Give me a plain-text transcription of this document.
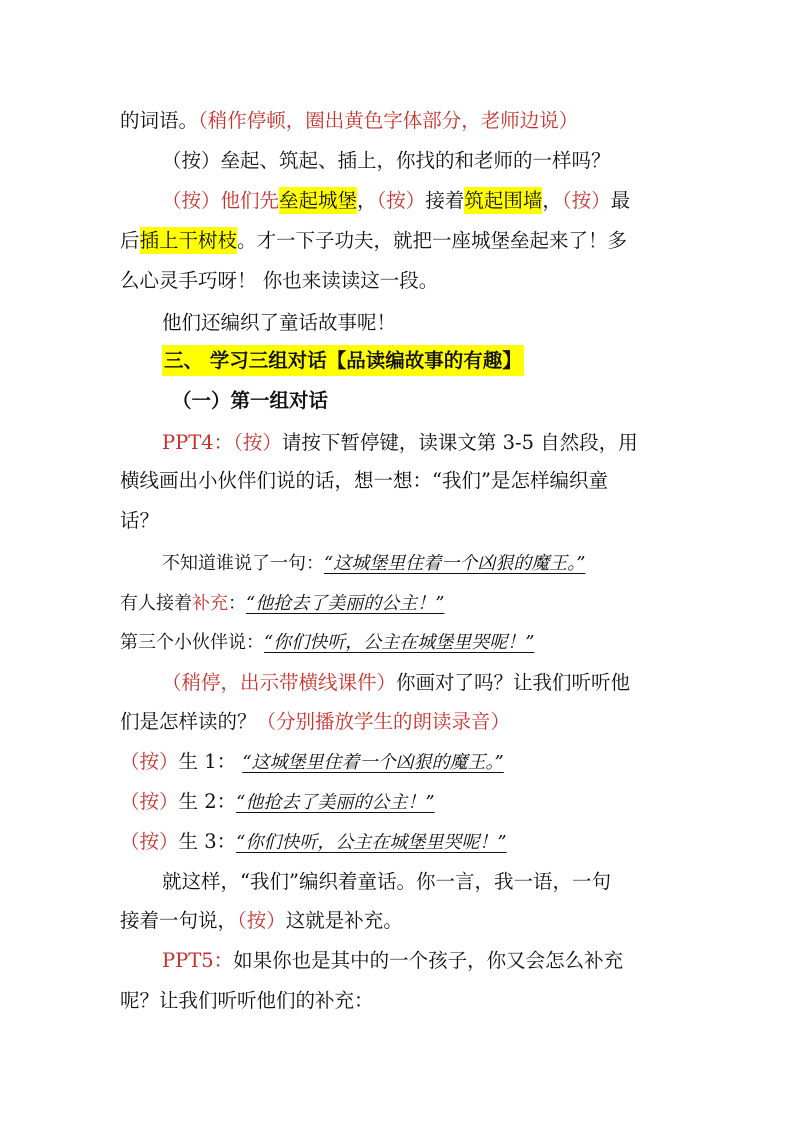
的词语。（稍作停顿，圈出黄色字体部分，老师边说）
（按）垒起、筑起、插上，你找的和老师的一样吗？
（按）他们先垒起城堡，（按）接着筑起围墙，（按）最
后插上干树枝。才一下子功夫，就把一座城堡垒起来了！多
么心灵手巧呀！ 你也来读读这一段。
他们还编织了童话故事呢！
三、 学习三组对话【品读编故事的有趣】
（一）第一组对话
PPT4：（按）请按下暂停键，读课文第 3-5 自然段，用
横线画出小伙伴们说的话，想一想：“我们”是怎样编织童
话？
不知道谁说了一句：“这城堡里住着一个凶狠的魔王。”
有人接着补充：“他抢去了美丽的公主！”
第三个小伙伴说：“你们快听，公主在城堡里哭呢！”
（稍停，出示带横线课件）你画对了吗？让我们听听他
们是怎样读的？（分别播放学生的朗读录音）
（按）生 1： “这城堡里住着一个凶狠的魔王。”
（按）生 2：“他抢去了美丽的公主！”
（按）生 3：“你们快听，公主在城堡里哭呢！”
就这样，“我们”编织着童话。你一言，我一语，一句
接着一句说，（按）这就是补充。
PPT5：如果你也是其中的一个孩子，你又会怎么补充
呢？让我们听听他们的补充：
